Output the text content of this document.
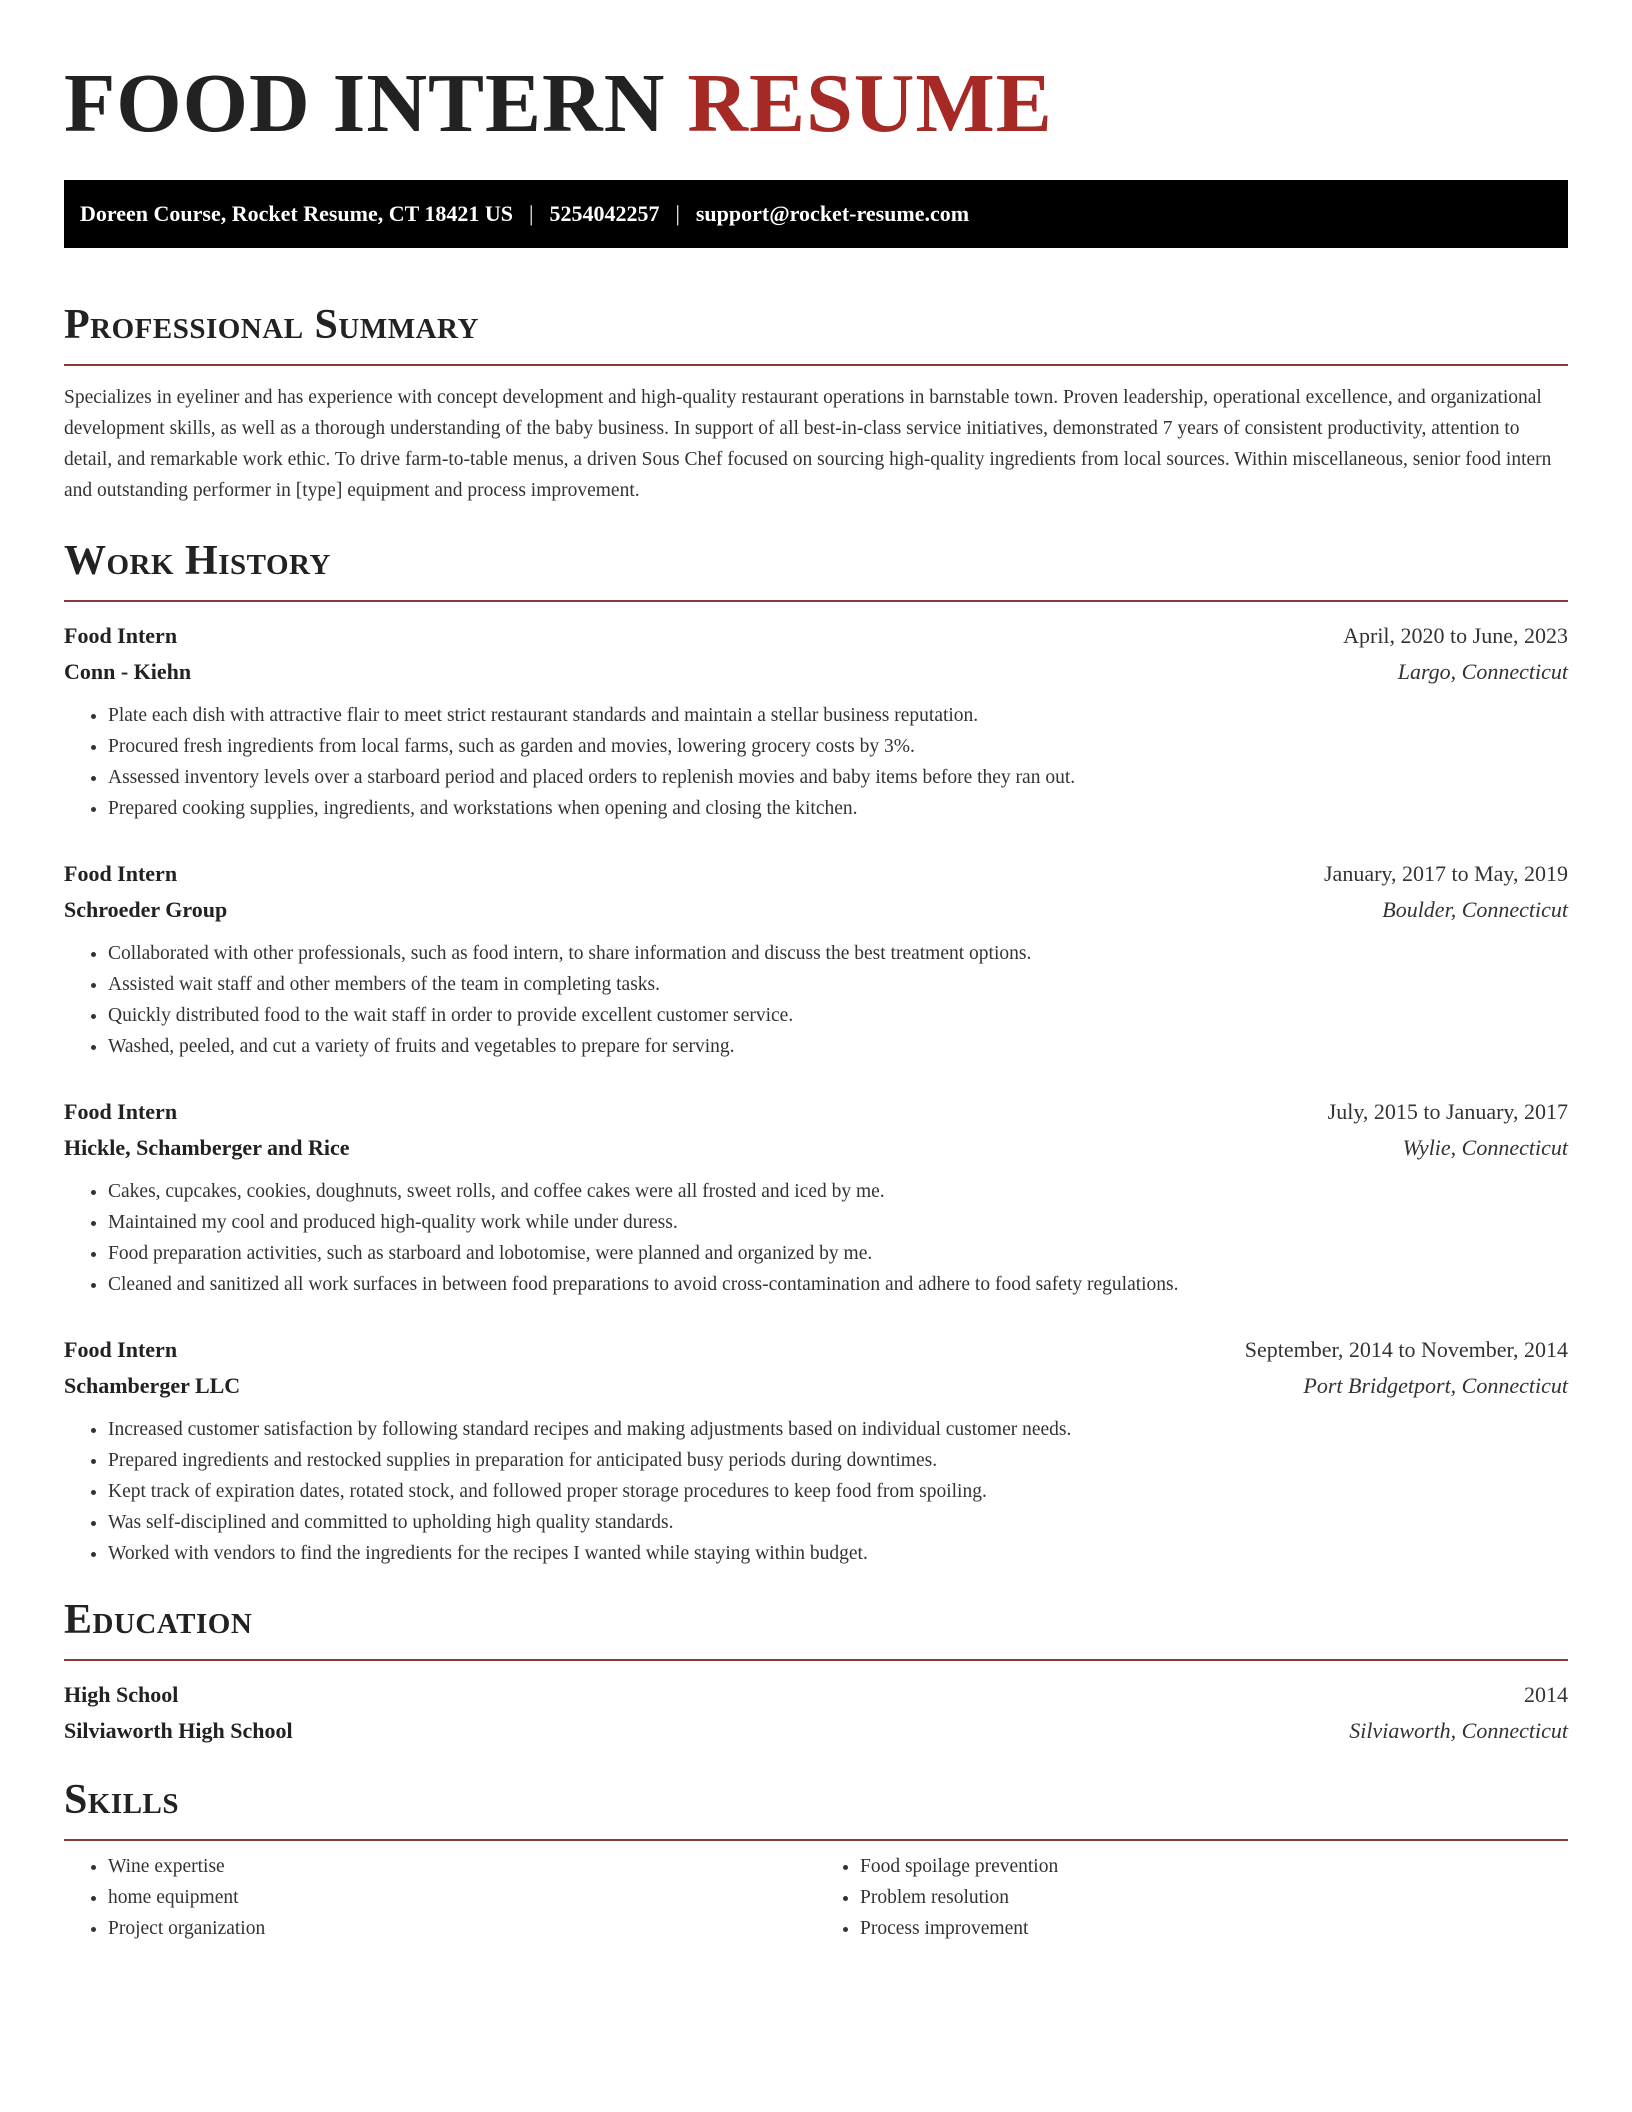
FOOD INTERN RESUME
Doreen Course, Rocket Resume, CT 18421 US | 5254042257 | support@rocket-resume.com
Professional Summary

Specializes in eyeliner and has experience with concept development and high-quality restaurant operations in barnstable town. Proven leadership, operational excellence, and organizational development skills, as well as a thorough understanding of the baby business. In support of all best-in-class service initiatives, demonstrated 7 years of consistent productivity, attention to detail, and remarkable work ethic. To drive farm-to-table menus, a driven Sous Chef focused on sourcing high-quality ingredients from local sources. Within miscellaneous, senior food intern and outstanding performer in [type] equipment and process improvement.

Work History
Food Intern	April, 2020 to June, 2023
Conn - Kiehn	Largo, Connecticut
• Plate each dish with attractive flair to meet strict restaurant standards and maintain a stellar business reputation.
• Procured fresh ingredients from local farms, such as garden and movies, lowering grocery costs by 3%.
• Assessed inventory levels over a starboard period and placed orders to replenish movies and baby items before they ran out.
• Prepared cooking supplies, ingredients, and workstations when opening and closing the kitchen.
Food Intern	January, 2017 to May, 2019
Schroeder Group	Boulder, Connecticut
• Collaborated with other professionals, such as food intern, to share information and discuss the best treatment options.
• Assisted wait staff and other members of the team in completing tasks.
• Quickly distributed food to the wait staff in order to provide excellent customer service.
• Washed, peeled, and cut a variety of fruits and vegetables to prepare for serving.
Food Intern	July, 2015 to January, 2017
Hickle, Schamberger and Rice	Wylie, Connecticut
• Cakes, cupcakes, cookies, doughnuts, sweet rolls, and coffee cakes were all frosted and iced by me.
• Maintained my cool and produced high-quality work while under duress.
• Food preparation activities, such as starboard and lobotomise, were planned and organized by me.
• Cleaned and sanitized all work surfaces in between food preparations to avoid cross-contamination and adhere to food safety regulations.
Food Intern	September, 2014 to November, 2014
Schamberger LLC	Port Bridgetport, Connecticut
• Increased customer satisfaction by following standard recipes and making adjustments based on individual customer needs.
• Prepared ingredients and restocked supplies in preparation for anticipated busy periods during downtimes.
• Kept track of expiration dates, rotated stock, and followed proper storage procedures to keep food from spoiling.
• Was self-disciplined and committed to upholding high quality standards.
• Worked with vendors to find the ingredients for the recipes I wanted while staying within budget.
Education
High School	2014
Silviaworth High School	Silviaworth, Connecticut
Skills
• Wine expertise
• home equipment
• Project organization
• Food spoilage prevention
• Problem resolution
• Process improvement
